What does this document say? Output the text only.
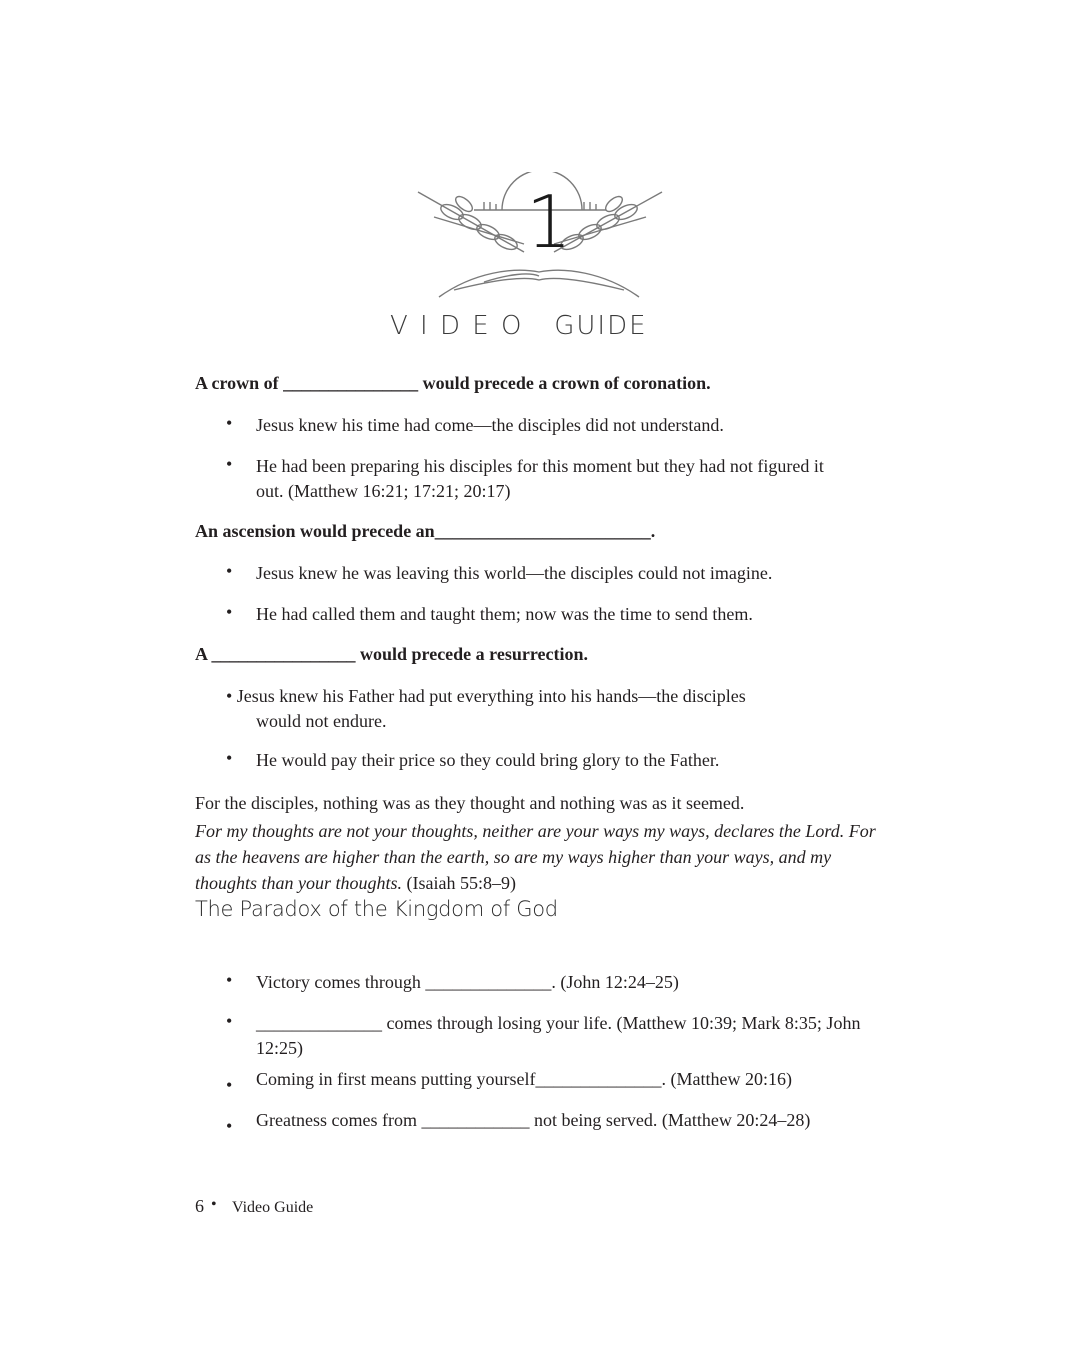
1
V I D E O   GUIDE
A crown of _______________ would precede a crown of coronation.
• Jesus knew his time had come—the disciples did not understand.
• He had been preparing his disciples for this moment but they had not figured it out. (Matthew 16:21; 17:21; 20:17)
An ascension would precede an________________________.
• Jesus knew he was leaving this world—the disciples could not imagine.
• He had called them and taught them; now was the time to send them.
A ________________ would precede a resurrection.
• Jesus knew his Father had put everything into his hands—the disciples
would not endure.
• He would pay their price so they could bring glory to the Father.
For the disciples, nothing was as they thought and nothing was as it seemed.
For my thoughts are not your thoughts, neither are your ways my ways, declares the Lord. For as the heavens are higher than the earth, so are my ways higher than your ways, and my thoughts than your thoughts. (Isaiah 55:8–9)
The Paradox of the Kingdom of God
• Victory comes through ______________. (John 12:24–25)
• ______________ comes through losing your life. (Matthew 10:39; Mark 8:35; John 12:25)
• Coming in first means putting yourself______________. (Matthew 20:16)
• Greatness comes from ____________ not being served. (Matthew 20:24–28)
6 • Video Guide
